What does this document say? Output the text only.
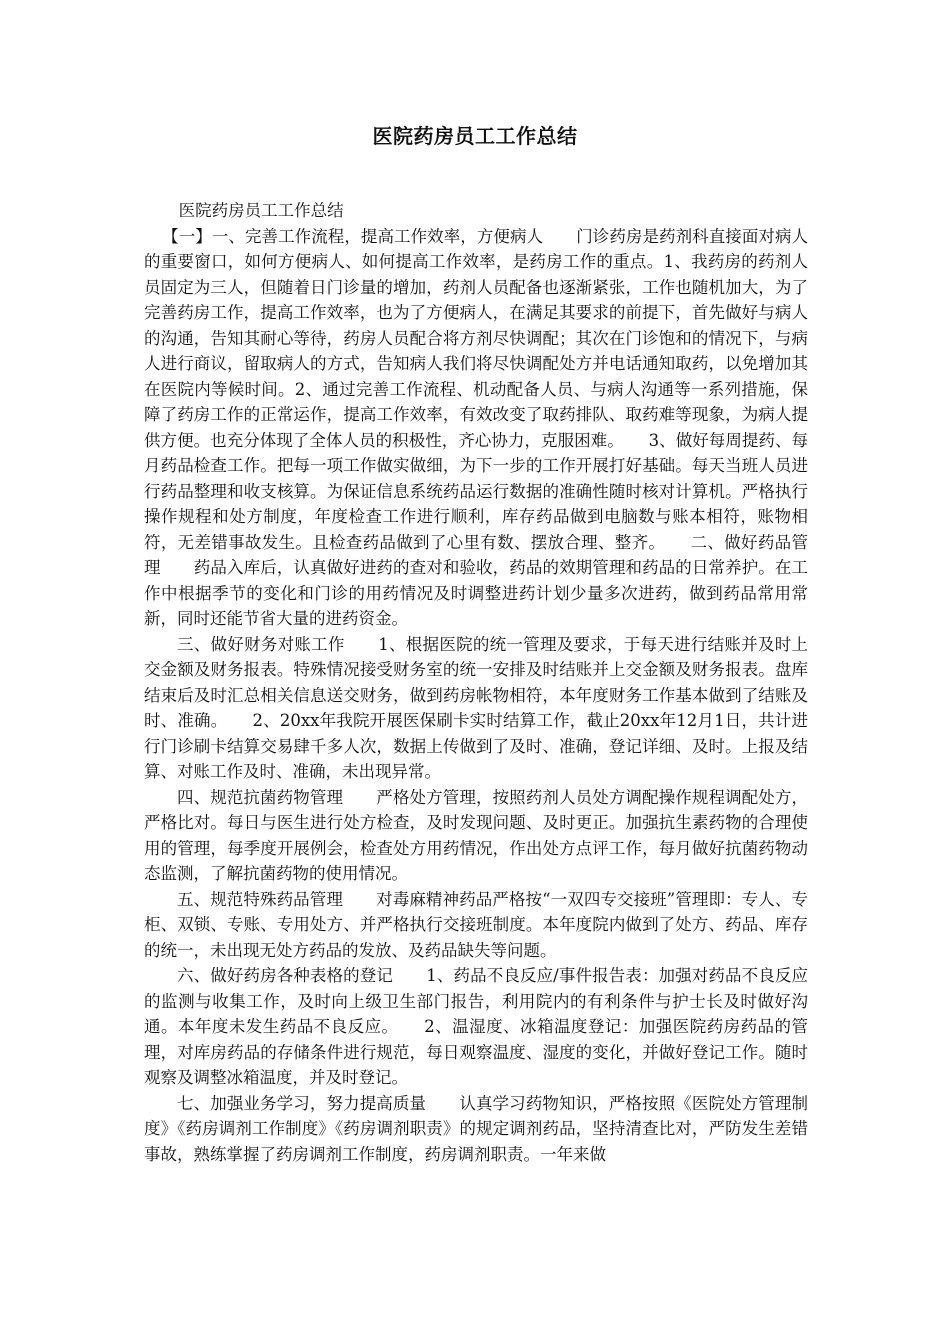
医院药房员工工作总结

医院药房员工工作总结

【一】一、完善工作流程，提高工作效率，方便病人　　门诊药房是药剂科直接面对病人的重要窗口，如何方便病人、如何提高工作效率，是药房工作的重点。1、我药房的药剂人员固定为三人，但随着日门诊量的增加，药剂人员配备也逐渐紧张，工作也随机加大，为了完善药房工作，提高工作效率，也为了方便病人，在满足其要求的前提下，首先做好与病人的沟通，告知其耐心等待，药房人员配合将方剂尽快调配；其次在门诊饱和的情况下，与病人进行商议，留取病人的方式，告知病人我们将尽快调配处方并电话通知取药，以免增加其在医院内等候时间。2、通过完善工作流程、机动配备人员、与病人沟通等一系列措施，保障了药房工作的正常运作，提高工作效率，有效改变了取药排队、取药难等现象，为病人提供方便。也充分体现了全体人员的积极性，齐心协力，克服困难。　　3、做好每周提药、每月药品检查工作。把每一项工作做实做细，为下一步的工作开展打好基础。每天当班人员进行药品整理和收支核算。为保证信息系统药品运行数据的准确性随时核对计算机。严格执行操作规程和处方制度，年度检查工作进行顺利，库存药品做到电脑数与账本相符，账物相符，无差错事故发生。且检查药品做到了心里有数、摆放合理、整齐。　　二、做好药品管理　　药品入库后，认真做好进药的查对和验收，药品的效期管理和药品的日常养护。在工作中根据季节的变化和门诊的用药情况及时调整进药计划少量多次进药，做到药品常用常新，同时还能节省大量的进药资金。

三、做好财务对账工作　　1、根据医院的统一管理及要求，于每天进行结账并及时上交金额及财务报表。特殊情况接受财务室的统一安排及时结账并上交金额及财务报表。盘库结束后及时汇总相关信息送交财务，做到药房帐物相符，本年度财务工作基本做到了结账及时、准确。　　2、20xx年我院开展医保刷卡实时结算工作，截止20xx年12月1日，共计进行门诊刷卡结算交易肆千多人次，数据上传做到了及时、准确，登记详细、及时。上报及结算、对账工作及时、准确，未出现异常。

四、规范抗菌药物管理　　严格处方管理，按照药剂人员处方调配操作规程调配处方，严格比对。每日与医生进行处方检查，及时发现问题、及时更正。加强抗生素药物的合理使用的管理，每季度开展例会，检查处方用药情况，作出处方点评工作，每月做好抗菌药物动态监测，了解抗菌药物的使用情况。

五、规范特殊药品管理　　对毒麻精神药品严格按“一双四专交接班”管理即：专人、专柜、双锁、专账、专用处方、并严格执行交接班制度。本年度院内做到了处方、药品、库存的统一，未出现无处方药品的发放、及药品缺失等问题。

六、做好药房各种表格的登记　　1、药品不良反应/事件报告表：加强对药品不良反应的监测与收集工作，及时向上级卫生部门报告，利用院内的有利条件与护士长及时做好沟通。本年度未发生药品不良反应。　　2、温湿度、冰箱温度登记：加强医院药房药品的管理，对库房药品的存储条件进行规范，每日观察温度、湿度的变化，并做好登记工作。随时观察及调整冰箱温度，并及时登记。

七、加强业务学习，努力提高质量　　认真学习药物知识，严格按照《医院处方管理制度》《药房调剂工作制度》《药房调剂职责》的规定调剂药品，坚持清查比对，严防发生差错事故，熟练掌握了药房调剂工作制度，药房调剂职责。一年来做
